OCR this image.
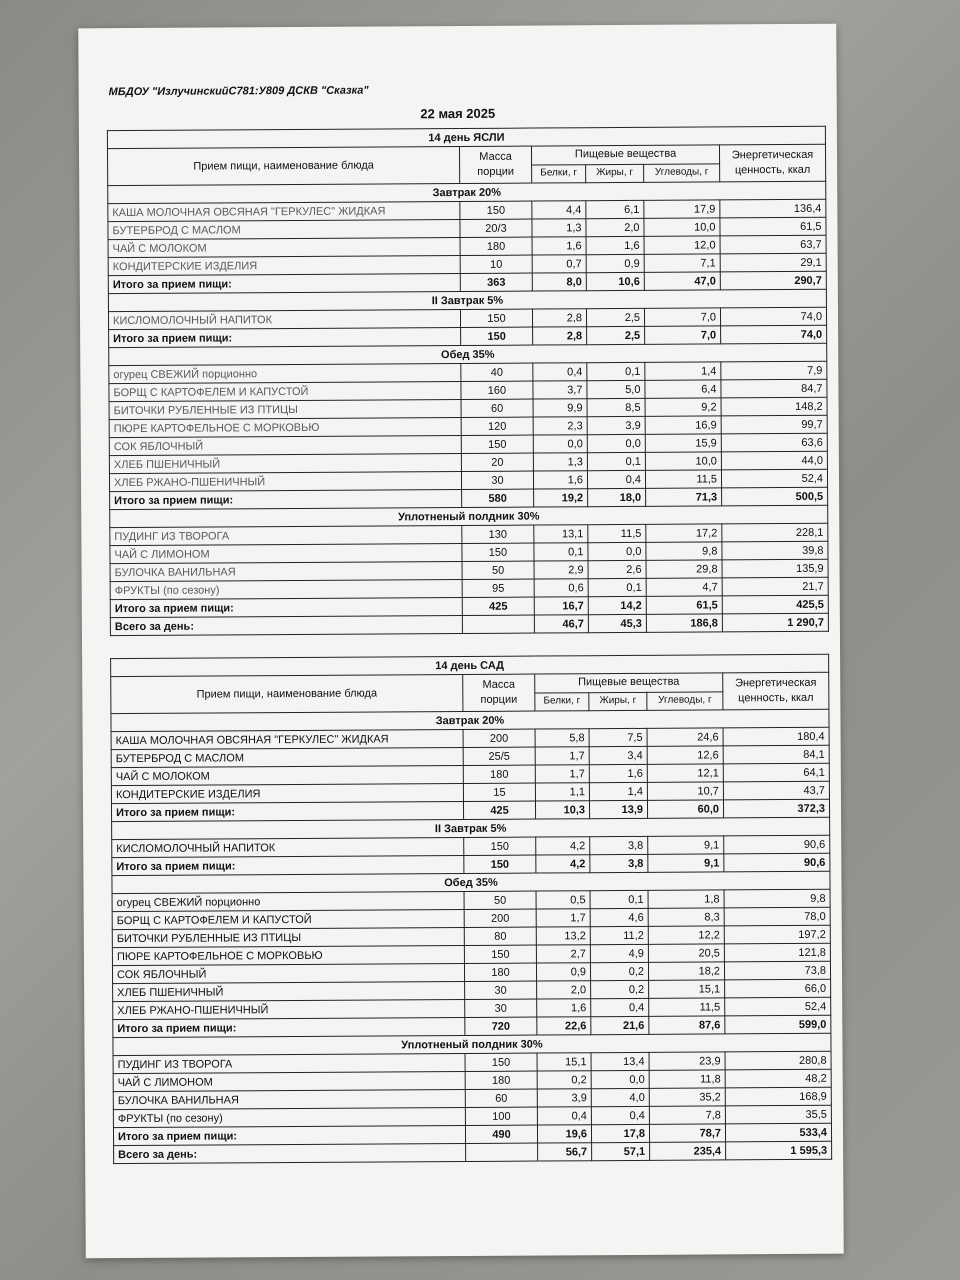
МБДОУ "ИзлучинскийС781:У809 ДСКВ "Сказка"
22 мая 2025
14 день ЯСЛИ					
Прием пищи, наименование блюда	Масса порции	Пищевые вещества			Энергетическая ценность, ккал
		Белки, г	Жиры, г	Углеводы, г	
Завтрак 20%					
КАША МОЛОЧНАЯ ОВСЯНАЯ "ГЕРКУЛЕС" ЖИДКАЯ	150	4,4	6,1	17,9	136,4
БУТЕРБРОД С МАСЛОМ	20/3	1,3	2,0	10,0	61,5
ЧАЙ С МОЛОКОМ	180	1,6	1,6	12,0	63,7
КОНДИТЕРСКИЕ ИЗДЕЛИЯ	10	0,7	0,9	7,1	29,1
Итого за прием пищи:	363	8,0	10,6	47,0	290,7
II Завтрак 5%					
КИСЛОМОЛОЧНЫЙ НАПИТОК	150	2,8	2,5	7,0	74,0
Итого за прием пищи:	150	2,8	2,5	7,0	74,0
Обед 35%					
огурец СВЕЖИЙ порционно	40	0,4	0,1	1,4	7,9
БОРЩ С КАРТОФЕЛЕМ И КАПУСТОЙ	160	3,7	5,0	6,4	84,7
БИТОЧКИ РУБЛЕННЫЕ ИЗ ПТИЦЫ	60	9,9	8,5	9,2	148,2
ПЮРЕ КАРТОФЕЛЬНОЕ С МОРКОВЬЮ	120	2,3	3,9	16,9	99,7
СОК ЯБЛОЧНЫЙ	150	0,0	0,0	15,9	63,6
ХЛЕБ ПШЕНИЧНЫЙ	20	1,3	0,1	10,0	44,0
ХЛЕБ РЖАНО-ПШЕНИЧНЫЙ	30	1,6	0,4	11,5	52,4
Итого за прием пищи:	580	19,2	18,0	71,3	500,5
Уплотненый полдник 30%					
ПУДИНГ ИЗ ТВОРОГА	130	13,1	11,5	17,2	228,1
ЧАЙ С ЛИМОНОМ	150	0,1	0,0	9,8	39,8
БУЛОЧКА ВАНИЛЬНАЯ	50	2,9	2,6	29,8	135,9
ФРУКТЫ (по сезону)	95	0,6	0,1	4,7	21,7
Итого за прием пищи:	425	16,7	14,2	61,5	425,5
Всего за день:		46,7	45,3	186,8	1 290,7
14 день САД					
Прием пищи, наименование блюда	Масса порции	Пищевые вещества			Энергетическая ценность, ккал
		Белки, г	Жиры, г	Углеводы, г	
Завтрак 20%					
КАША МОЛОЧНАЯ ОВСЯНАЯ "ГЕРКУЛЕС" ЖИДКАЯ	200	5,8	7,5	24,6	180,4
БУТЕРБРОД С МАСЛОМ	25/5	1,7	3,4	12,6	84,1
ЧАЙ С МОЛОКОМ	180	1,7	1,6	12,1	64,1
КОНДИТЕРСКИЕ ИЗДЕЛИЯ	15	1,1	1,4	10,7	43,7
Итого за прием пищи:	425	10,3	13,9	60,0	372,3
II Завтрак 5%					
КИСЛОМОЛОЧНЫЙ НАПИТОК	150	4,2	3,8	9,1	90,6
Итого за прием пищи:	150	4,2	3,8	9,1	90,6
Обед 35%					
огурец СВЕЖИЙ порционно	50	0,5	0,1	1,8	9,8
БОРЩ С КАРТОФЕЛЕМ И КАПУСТОЙ	200	1,7	4,6	8,3	78,0
БИТОЧКИ РУБЛЕННЫЕ ИЗ ПТИЦЫ	80	13,2	11,2	12,2	197,2
ПЮРЕ КАРТОФЕЛЬНОЕ С МОРКОВЬЮ	150	2,7	4,9	20,5	121,8
СОК ЯБЛОЧНЫЙ	180	0,9	0,2	18,2	73,8
ХЛЕБ ПШЕНИЧНЫЙ	30	2,0	0,2	15,1	66,0
ХЛЕБ РЖАНО-ПШЕНИЧНЫЙ	30	1,6	0,4	11,5	52,4
Итого за прием пищи:	720	22,6	21,6	87,6	599,0
Уплотненый полдник 30%					
ПУДИНГ ИЗ ТВОРОГА	150	15,1	13,4	23,9	280,8
ЧАЙ С ЛИМОНОМ	180	0,2	0,0	11,8	48,2
БУЛОЧКА ВАНИЛЬНАЯ	60	3,9	4,0	35,2	168,9
ФРУКТЫ (по сезону)	100	0,4	0,4	7,8	35,5
Итого за прием пищи:	490	19,6	17,8	78,7	533,4
Всего за день:		56,7	57,1	235,4	1 595,3
